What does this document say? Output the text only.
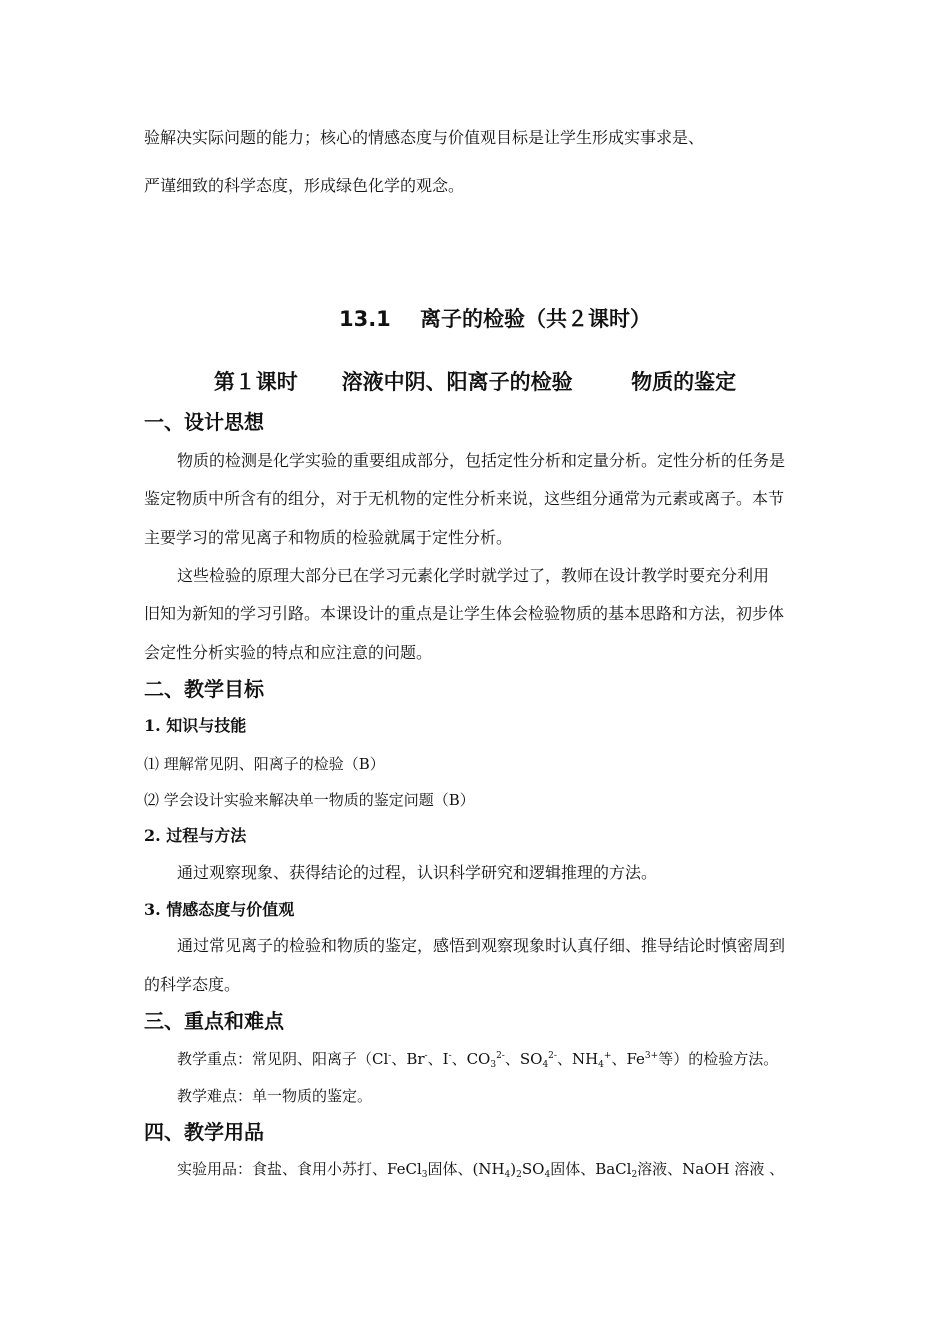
验解决实际问题的能力；核心的情感态度与价值观目标是让学生形成实事求是、
严谨细致的科学态度，形成绿色化学的观念。
13.1    离子的检验（共２课时）
第１课时      溶液中阴、阳离子的检验        物质的鉴定
一、设计思想
物质的检测是化学实验的重要组成部分，包括定性分析和定量分析。定性分析的任务是
鉴定物质中所含有的组分，对于无机物的定性分析来说，这些组分通常为元素或离子。本节
主要学习的常见离子和物质的检验就属于定性分析。
这些检验的原理大部分已在学习元素化学时就学过了，教师在设计教学时要充分利用
旧知为新知的学习引路。本课设计的重点是让学生体会检验物质的基本思路和方法，初步体
会定性分析实验的特点和应注意的问题。
二、教学目标
1. 知识与技能
⑴ 理解常见阴、阳离子的检验（B）
⑵ 学会设计实验来解决单一物质的鉴定问题（B）
2. 过程与方法
通过观察现象、获得结论的过程，认识科学研究和逻辑推理的方法。
3. 情感态度与价值观
通过常见离子的检验和物质的鉴定，感悟到观察现象时认真仔细、推导结论时慎密周到
的科学态度。
三、重点和难点
教学重点：常见阴、阳离子（Cl-、Br-、I-、$CO_3^{2-}$、$SO_4^{2-}$、$NH_4^+$、$Fe^{3+}$等）的检验方法。
教学难点：单一物质的鉴定。
四、教学用品
实验用品：食盐、食用小苏打、FeCl$_3$固体、$(NH_4)_2SO_4$固体、BaCl$_2$溶液、NaOH 溶液 、
